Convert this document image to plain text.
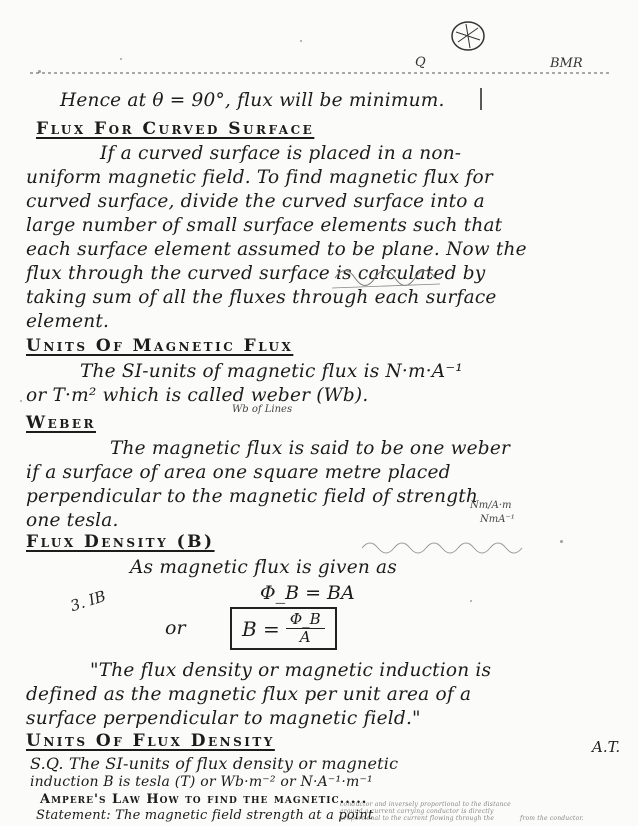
Q	BMR
Hence at θ = 90°, flux will be minimum.
Flux For Curved Surface
If a curved surface is placed in a non-
uniform magnetic field. To find magnetic flux for
curved surface, divide the curved surface into a
large number of small surface elements such that
each surface element assumed to be plane. Now the
flux through the curved surface is calculated by
taking sum of all the fluxes through each surface
element.
Units Of Magnetic Flux
The SI-units of magnetic flux is N·m·A⁻¹
or T·m² which is called weber (Wb).
Wb of Lines
Weber
The magnetic flux is said to be one weber
if a surface of area one square metre placed
perpendicular to the magnetic field of strength
one tesla.
Nm/A·m
NmA⁻¹
Flux Density (B)
As magnetic flux is given as
Φ_B = BA
3. IB
or	$B = \frac{\Phi\_B}{A}$
"The flux density or magnetic induction is
defined as the magnetic flux per unit area of a
surface perpendicular to magnetic field."
Units Of Flux Density
S.Q. The SI-units of flux density or magnetic
induction B is tesla (T) or Wb·m⁻² or N·A⁻¹·m⁻¹
Ampere's Law How to find the magnetic.....
Statement: The magnetic field strength at a point
around a current carrying conductor is directly
proportional to the current flowing through the
conductor and inversely proportional to the distance
from the conductor.
A.T.
